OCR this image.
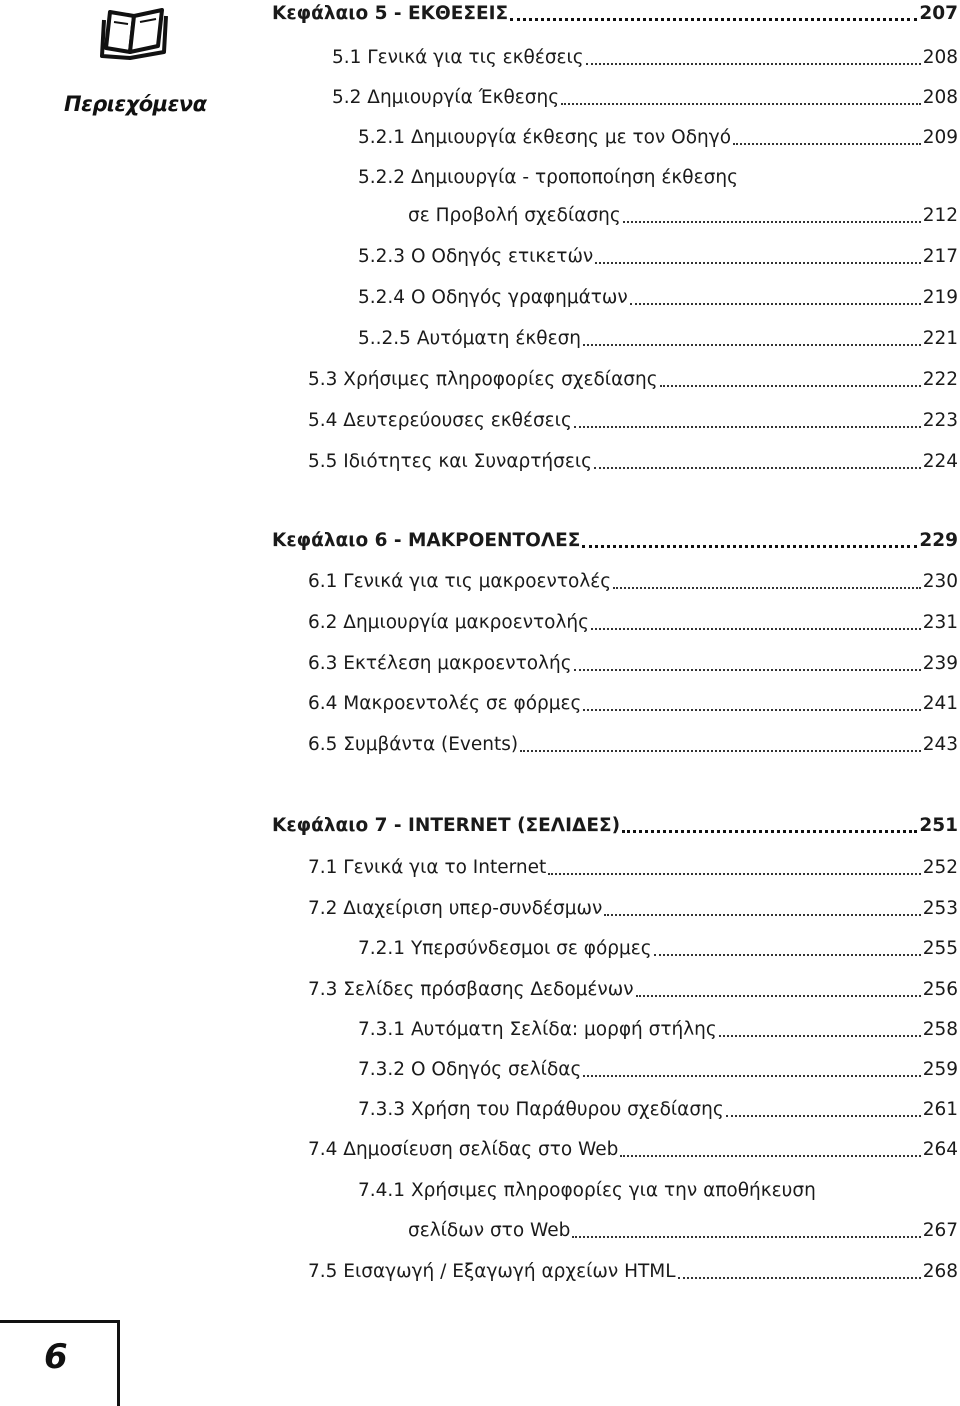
Περιεχόμενα
Κεφάλαιο 5 - ΕΚΘΕΣΕΙΣ	207
5.1 Γενικά για τις εκθέσεις	208
5.2 Δημιουργία Έκθεσης	208
5.2.1 Δημιουργία έκθεσης με τον Οδηγό	209
5.2.2 Δημιουργία - τροποποίηση έκθεσης
σε Προβολή σχεδίασης	212
5.2.3 Ο Οδηγός ετικετών	217
5.2.4 Ο Οδηγός γραφημάτων	219
5..2.5 Αυτόματη έκθεση	221
5.3 Χρήσιμες πληροφορίες σχεδίασης	222
5.4 Δευτερεύουσες εκθέσεις	223
5.5 Ιδιότητες και Συναρτήσεις	224
Κεφάλαιο 6 - ΜΑΚΡΟΕΝΤΟΛΕΣ	229
6.1 Γενικά για τις μακροεντολές	230
6.2 Δημιουργία μακροεντολής	231
6.3 Εκτέλεση μακροεντολής	239
6.4 Μακροεντολές σε φόρμες	241
6.5 Συμβάντα (Events)	243
Κεφάλαιο 7 - INTERNET (ΣΕΛΙΔΕΣ)	251
7.1 Γενικά για το Internet	252
7.2 Διαχείριση υπερ-συνδέσμων	253
7.2.1 Υπερσύνδεσμοι σε φόρμες	255
7.3 Σελίδες πρόσβασης Δεδομένων	256
7.3.1 Αυτόματη Σελίδα: μορφή στήλης	258
7.3.2 Ο Οδηγός σελίδας	259
7.3.3 Χρήση του Παράθυρου σχεδίασης	261
7.4 Δημοσίευση σελίδας στο Web	264
7.4.1 Χρήσιμες πληροφορίες για την αποθήκευση
σελίδων στο Web	267
7.5 Εισαγωγή / Εξαγωγή αρχείων HTML	268
6
